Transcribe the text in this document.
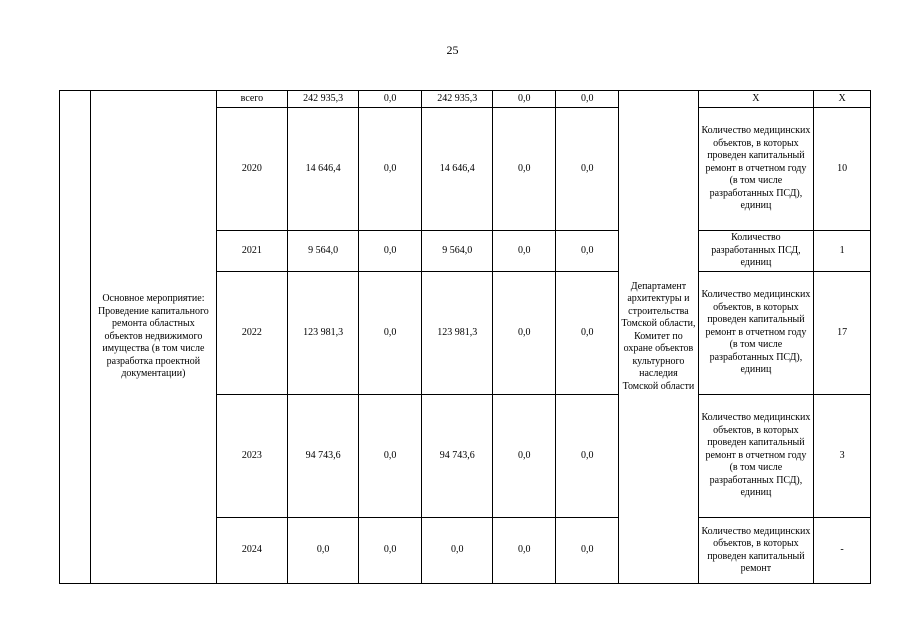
25
	Основное мероприятие: Проведение капитального ремонта областных объектов недвижимого имущества (в том числе разработка проектной документации)	всего	242 935,3	0,0	242 935,3	0,0	0,0	Департамент архитектуры и строительства Томской области, Комитет по охране объектов культурного наследия Томской области	X	X
		2020	14 646,4	0,0	14 646,4	0,0	0,0		Количество медицинских объектов, в которых проведен капитальный ремонт в отчетном году (в том числе разработанных ПСД), единиц	10
		2021	9 564,0	0,0	9 564,0	0,0	0,0		Количество разработанных ПСД, единиц	1
		2022	123 981,3	0,0	123 981,3	0,0	0,0		Количество медицинских объектов, в которых проведен капитальный ремонт в отчетном году (в том числе разработанных ПСД), единиц	17
		2023	94 743,6	0,0	94 743,6	0,0	0,0		Количество медицинских объектов, в которых проведен капитальный ремонт в отчетном году (в том числе разработанных ПСД), единиц	3
		2024	0,0	0,0	0,0	0,0	0,0		Количество медицинских объектов, в которых проведен капитальный ремонт	-
